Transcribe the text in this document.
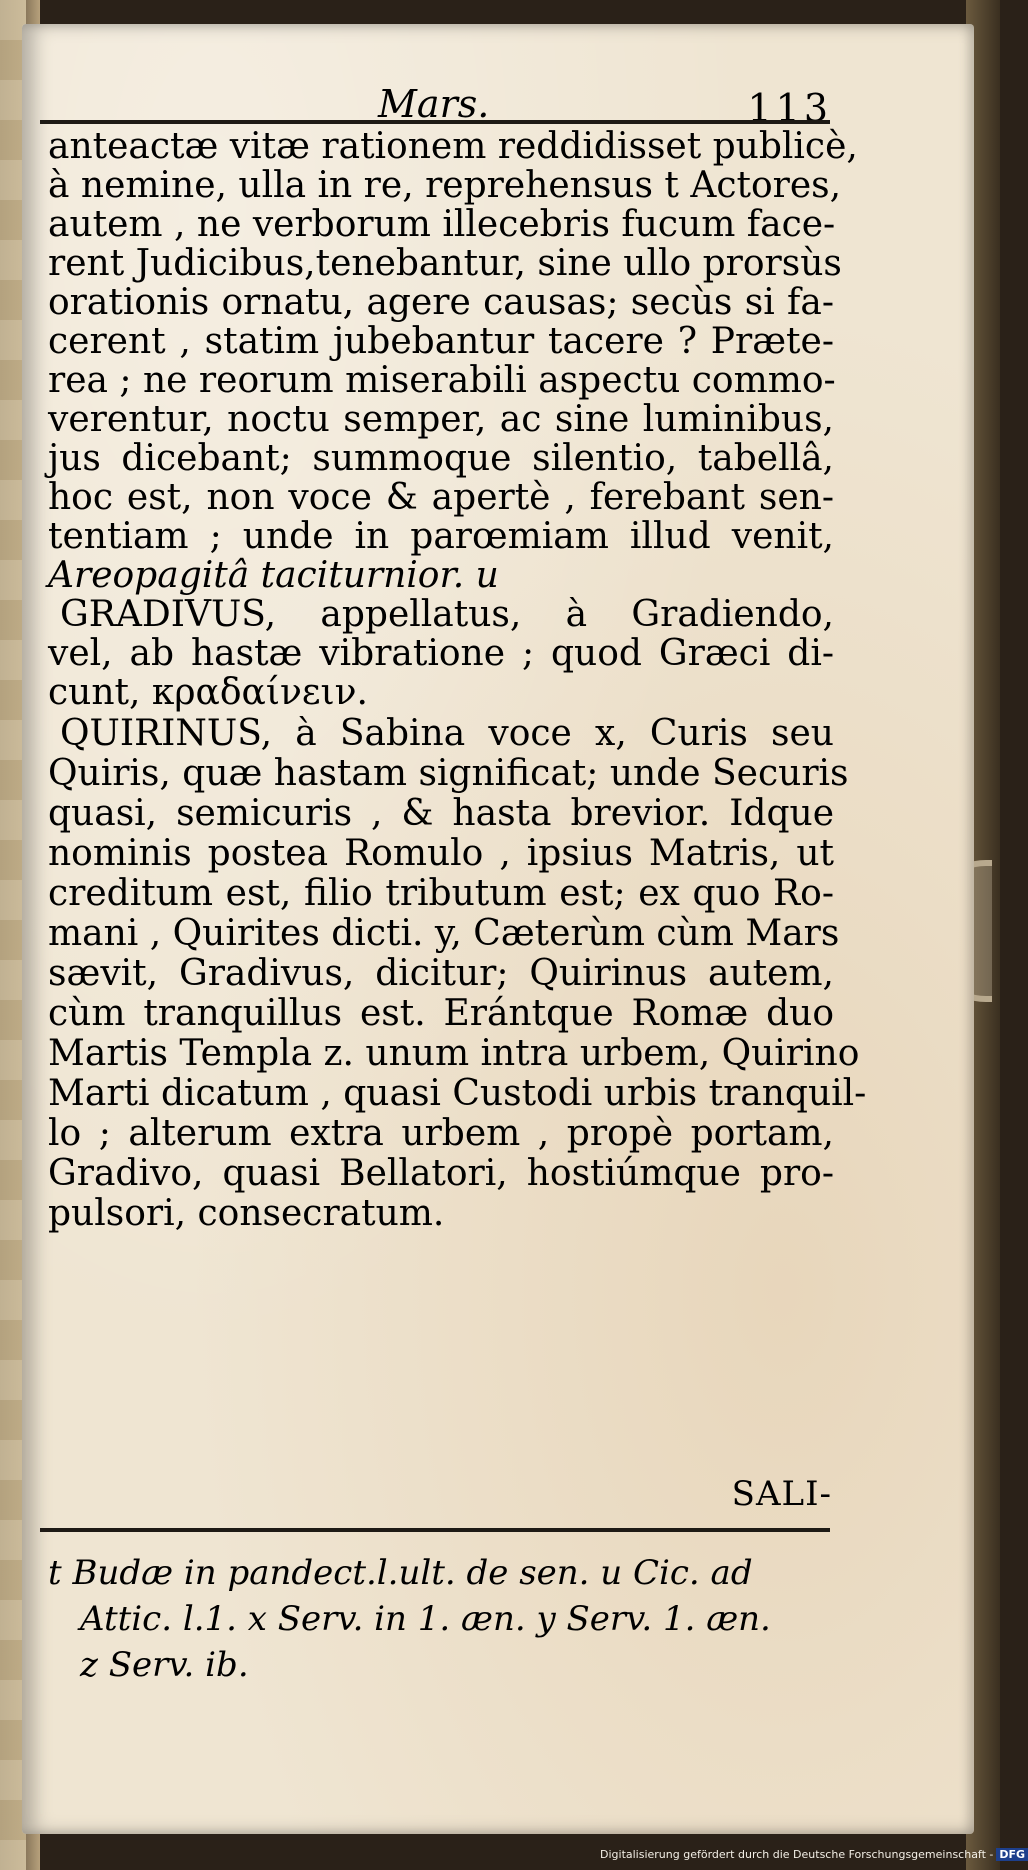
Mars.	113
anteactæ vitæ rationem reddidisset publicè,
à nemine, ulla in re, reprehensus t Actores,
autem , ne verborum illecebris fucum face-
rent Judicibus,tenebantur, sine ullo prorsùs
orationis ornatu, agere causas; secùs si fa-
cerent , statim jubebantur tacere ? Præte-
rea ; ne reorum miserabili aspectu commo-
verentur, noctu semper, ac sine luminibus,
jus dicebant; summoque silentio, tabellâ,
hoc est, non voce & apertè , ferebant sen-
tentiam ; unde in parœmiam illud venit,
Areopagitâ taciturnior. u
GRADIVUS, appellatus, à Gradiendo,
vel, ab hastæ vibratione ; quod Græci di-
cunt, κραδαίνειν.
QUIRINUS, à Sabina voce x, Curis seu
Quiris, quæ hastam significat; unde Securis
quasi, semicuris , & hasta brevior. Idque
nominis postea Romulo , ipsius Matris, ut
creditum est, filio tributum est; ex quo Ro-
mani , Quirites dicti. y, Cæterùm cùm Mars
sævit, Gradivus, dicitur; Quirinus autem,
cùm tranquillus est. Erántque Romæ duo
Martis Templa z. unum intra urbem, Quirino
Marti dicatum , quasi Custodi urbis tranquil-
lo ; alterum extra urbem , propè portam,
Gradivo, quasi Bellatori, hostiúmque pro-
pulsori, consecratum.
SALI-
t Budæ in pandect.l.ult. de sen. u Cic. ad
Attic. l.1. x Serv. in 1. æn. y Serv. 1. æn.
z Serv. ib.
Digitalisierung gefördert durch die Deutsche Forschungsgemeinschaft - DFG
